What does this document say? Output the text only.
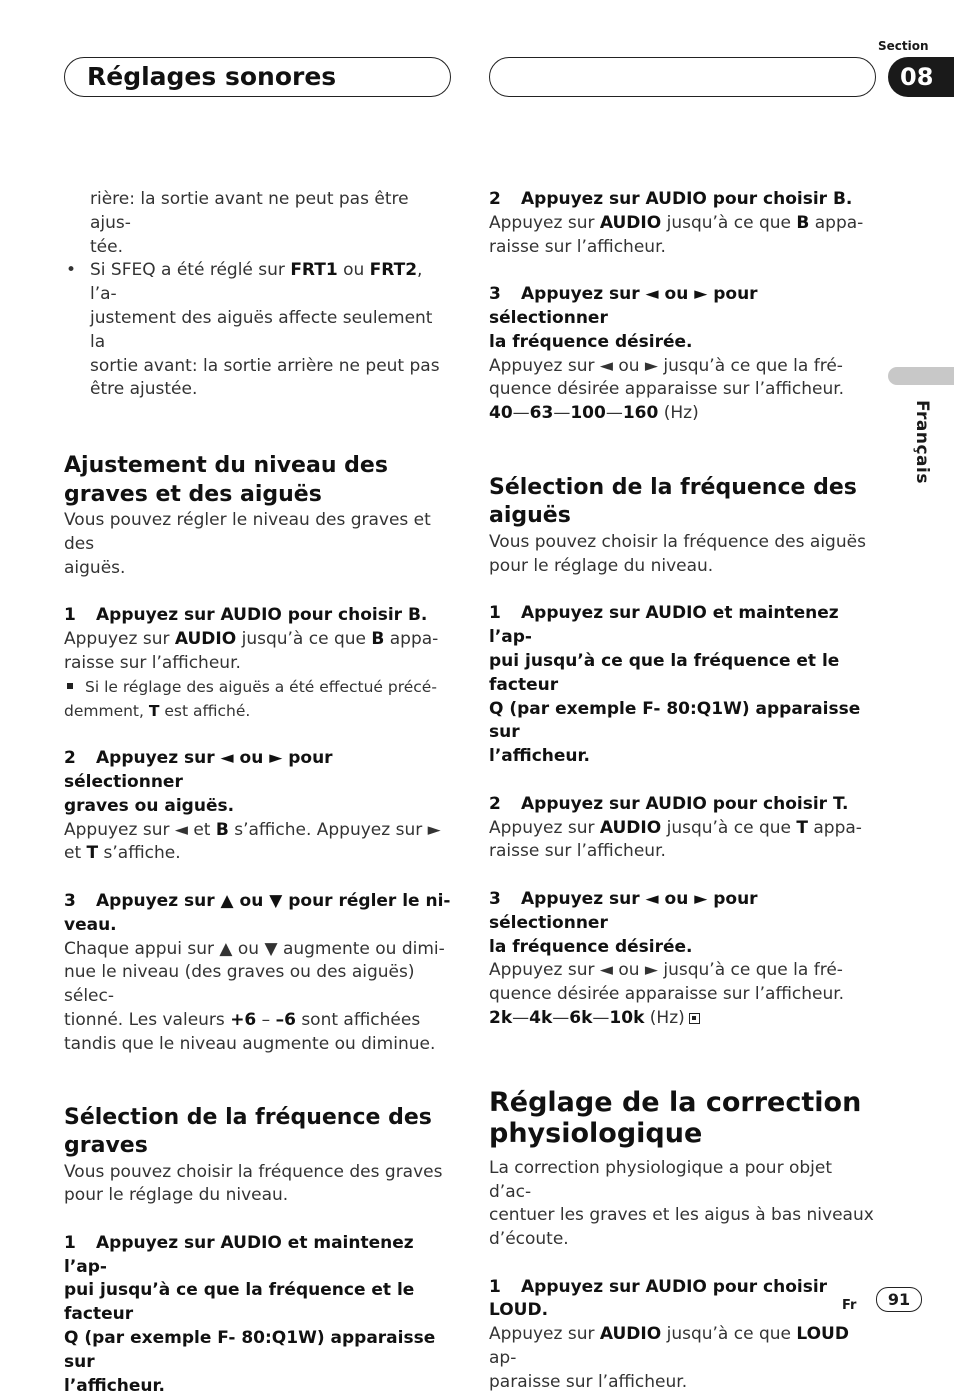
Réglages sonores
Section
08
Français

rière: la sortie avant ne peut pas être ajus-

tée.

• Si SFEQ a été réglé sur FRT1 ou FRT2, l’a-

justement des aiguës affecte seulement la

sortie avant: la sortie arrière ne peut pas

être ajustée.

Ajustement du niveau des
graves et des aiguës

Vous pouvez régler le niveau des graves et des

aiguës.

1 Appuyez sur AUDIO pour choisir B.

Appuyez sur AUDIO jusqu’à ce que B appa-

raisse sur l’afficheur.

Si le réglage des aiguës a été effectué précé-

demment, T est affiché.

2 Appuyez sur ◄ ou ► pour sélectionner

graves ou aiguës.

Appuyez sur ◄ et B s’affiche. Appuyez sur ►

et T s’affiche.

3 Appuyez sur ▲ ou ▼ pour régler le ni-

veau.

Chaque appui sur ▲ ou ▼ augmente ou dimi-

nue le niveau (des graves ou des aiguës) sélec-

tionné. Les valeurs +6 – –6 sont affichées

tandis que le niveau augmente ou diminue.

Sélection de la fréquence des
graves

Vous pouvez choisir la fréquence des graves

pour le réglage du niveau.

1 Appuyez sur AUDIO et maintenez l’ap-

pui jusqu’à ce que la fréquence et le facteur

Q (par exemple F- 80:Q1W) apparaisse sur

l’afficheur.

2 Appuyez sur AUDIO pour choisir B.

Appuyez sur AUDIO jusqu’à ce que B appa-

raisse sur l’afficheur.

3 Appuyez sur ◄ ou ► pour sélectionner

la fréquence désirée.

Appuyez sur ◄ ou ► jusqu’à ce que la fré-

quence désirée apparaisse sur l’afficheur.

40—63—100—160 (Hz)

Sélection de la fréquence des
aiguës

Vous pouvez choisir la fréquence des aiguës

pour le réglage du niveau.

1 Appuyez sur AUDIO et maintenez l’ap-

pui jusqu’à ce que la fréquence et le facteur

Q (par exemple F- 80:Q1W) apparaisse sur

l’afficheur.

2 Appuyez sur AUDIO pour choisir T.

Appuyez sur AUDIO jusqu’à ce que T appa-

raisse sur l’afficheur.

3 Appuyez sur ◄ ou ► pour sélectionner

la fréquence désirée.

Appuyez sur ◄ ou ► jusqu’à ce que la fré-

quence désirée apparaisse sur l’afficheur.

2k—4k—6k—10k (Hz)

Réglage de la correction
physiologique

La correction physiologique a pour objet d’ac-

centuer les graves et les aigus à bas niveaux

d’écoute.

1 Appuyez sur AUDIO pour choisir LOUD.

Appuyez sur AUDIO jusqu’à ce que LOUD ap-

paraisse sur l’afficheur.

Fr	91
